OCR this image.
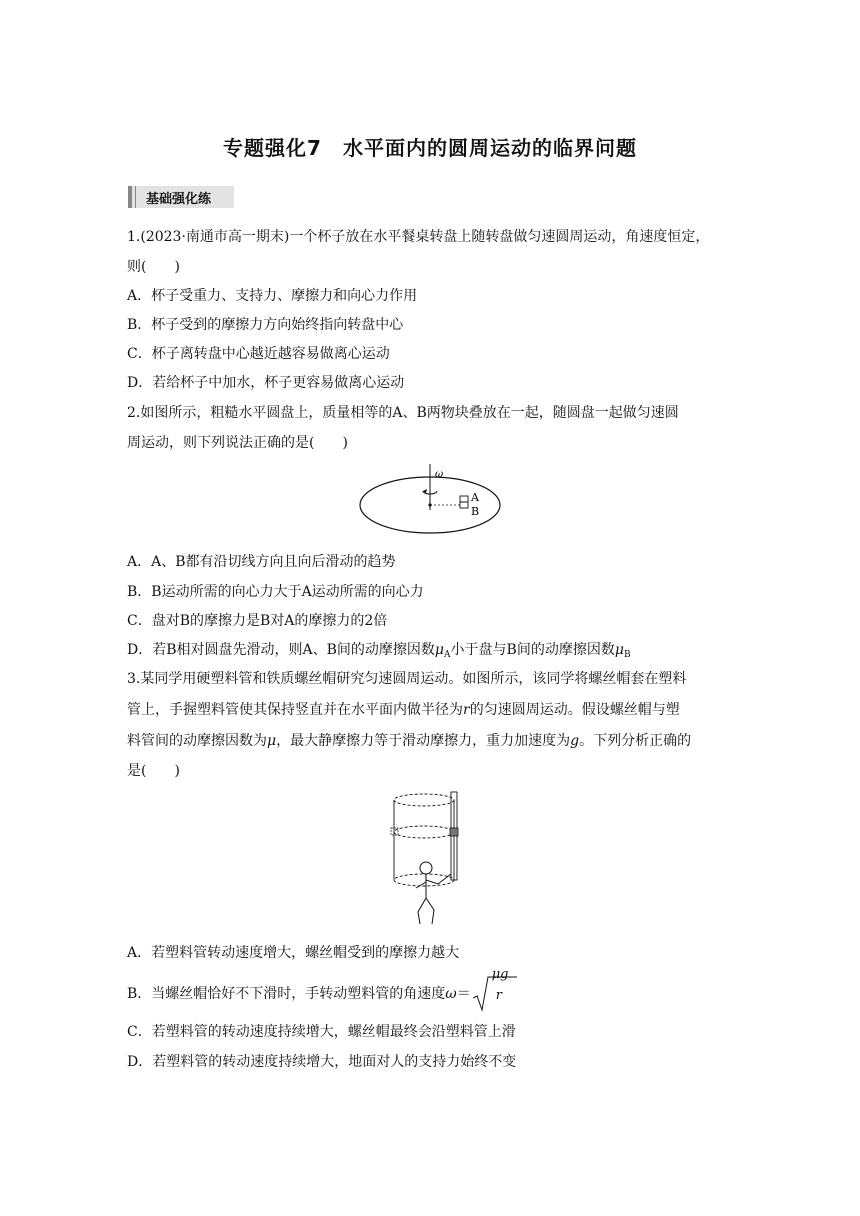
专题强化7　水平面内的圆周运动的临界问题
基础强化练
1.(2023·南通市高一期末)一个杯子放在水平餐桌转盘上随转盘做匀速圆周运动，角速度恒定，
则(　　)
A．杯子受重力、支持力、摩擦力和向心力作用
B．杯子受到的摩擦力方向始终指向转盘中心
C．杯子离转盘中心越近越容易做离心运动
D．若给杯子中加水，杯子更容易做离心运动
2.如图所示，粗糙水平圆盘上，质量相等的A、B两物块叠放在一起，随圆盘一起做匀速圆
周运动，则下列说法正确的是(　　)
ω
A
B
A．A、B都有沿切线方向且向后滑动的趋势
B．B运动所需的向心力大于A运动所需的向心力
C．盘对B的摩擦力是B对A的摩擦力的2倍
D．若B相对圆盘先滑动，则A、B间的动摩擦因数$\mu_A$小于盘与B间的动摩擦因数$\mu_B$
3.某同学用硬塑料管和铁质螺丝帽研究匀速圆周运动。如图所示，该同学将螺丝帽套在塑料
管上，手握塑料管使其保持竖直并在水平面内做半径为r的匀速圆周运动。假设螺丝帽与塑
料管间的动摩擦因数为μ，最大静摩擦力等于滑动摩擦力，重力加速度为g。下列分析正确的
是(　　)
A．若塑料管转动速度增大，螺丝帽受到的摩擦力越大
B．当螺丝帽恰好不下滑时，手转动塑料管的角速度ω＝
μg
r
C．若塑料管的转动速度持续增大，螺丝帽最终会沿塑料管上滑
D．若塑料管的转动速度持续增大，地面对人的支持力始终不变
